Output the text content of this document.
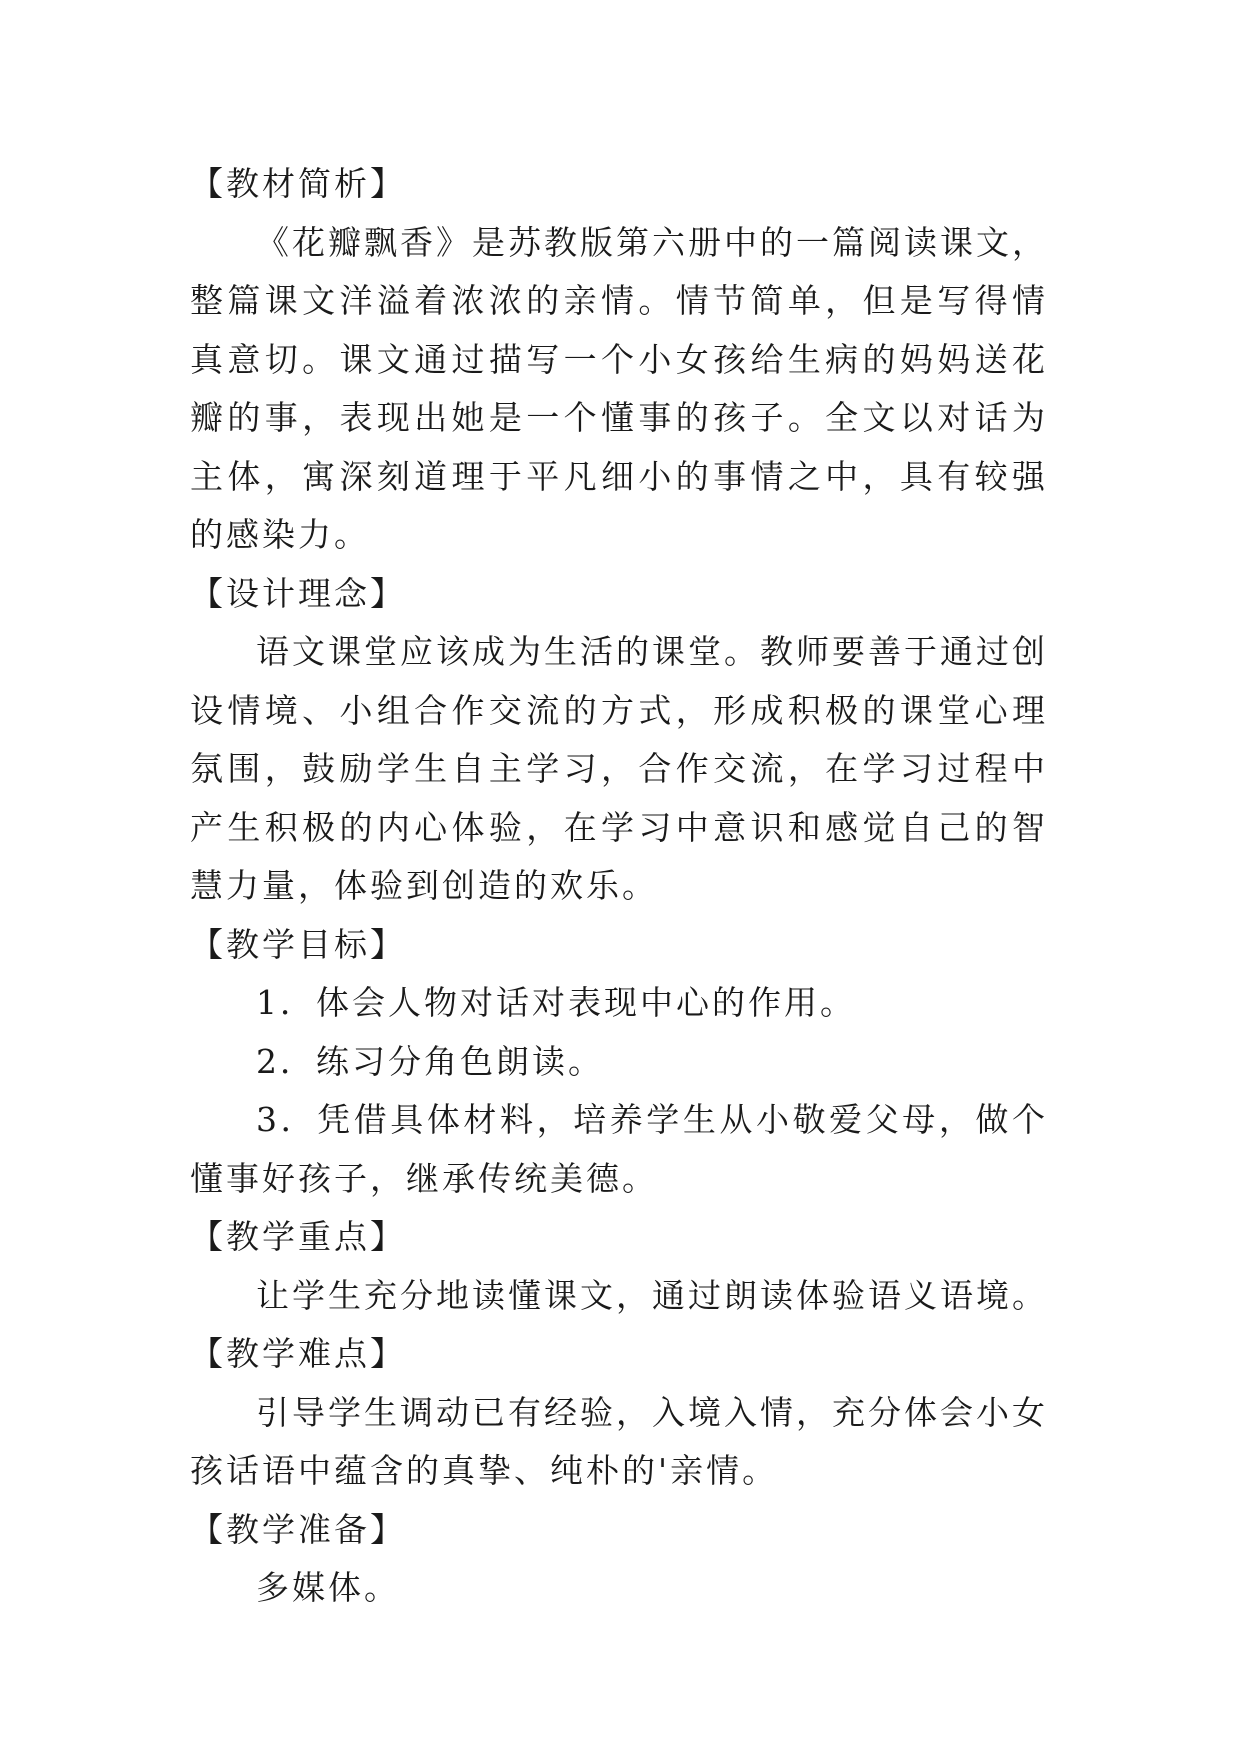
【教材简析】

《花瓣飘香》是苏教版第六册中的一篇阅读课文，整篇课文洋溢着浓浓的亲情。情节简单，但是写得情真意切。课文通过描写一个小女孩给生病的妈妈送花瓣的事，表现出她是一个懂事的孩子。全文以对话为主体，寓深刻道理于平凡细小的事情之中，具有较强的感染力。

【设计理念】

语文课堂应该成为生活的课堂。教师要善于通过创设情境、小组合作交流的方式，形成积极的课堂心理氛围，鼓励学生自主学习，合作交流，在学习过程中产生积极的内心体验，在学习中意识和感觉自己的智慧力量，体验到创造的欢乐。

【教学目标】

1．体会人物对话对表现中心的作用。

2．练习分角色朗读。

3．凭借具体材料，培养学生从小敬爱父母，做个懂事好孩子，继承传统美德。

【教学重点】

让学生充分地读懂课文，通过朗读体验语义语境。

【教学难点】

引导学生调动已有经验，入境入情，充分体会小女孩话语中蕴含的真挚、纯朴的'亲情。

【教学准备】

多媒体。
